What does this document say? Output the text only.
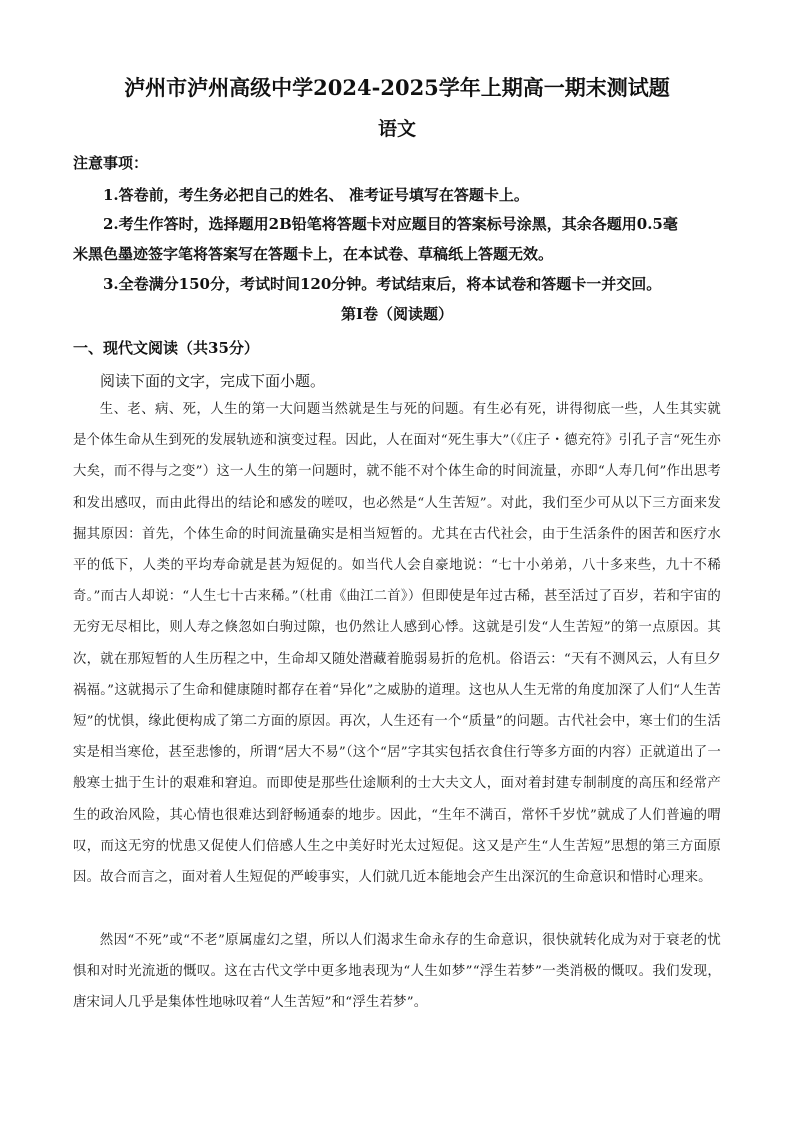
泸州市泸州高级中学2024-2025学年上期高一期末测试题
语文
注意事项：
1.答卷前，考生务必把自己的姓名、 准考证号填写在答题卡上。
2.考生作答时，选择题用2B铅笔将答题卡对应题目的答案标号涂黑，其余各题用0.5毫
米黑色墨迹签字笔将答案写在答题卡上，在本试卷、草稿纸上答题无效。
3.全卷满分150分，考试时间120分钟。考试结束后，将本试卷和答题卡一并交回。
第Ⅰ卷（阅读题）
一、现代文阅读（共35分）
阅读下面的文字，完成下面小题。

生、老、病、死，人生的第一大问题当然就是生与死的问题。有生必有死，讲得彻底一些，人生其实就是个体生命从生到死的发展轨迹和演变过程。因此，人在面对“死生事大”（《庄子・德充符》引孔子言“死生亦大矣，而不得与之变”）这一人生的第一问题时，就不能不对个体生命的时间流量，亦即“人寿几何”作出思考和发出感叹，而由此得出的结论和感发的嗟叹，也必然是“人生苦短”。对此，我们至少可从以下三方面来发掘其原因：首先，个体生命的时间流量确实是相当短暂的。尤其在古代社会，由于生活条件的困苦和医疗水平的低下，人类的平均寿命就是甚为短促的。如当代人会自豪地说：“七十小弟弟，八十多来些，九十不稀奇。”而古人却说：“人生七十古来稀。”（杜甫《曲江二首》）但即使是年过古稀，甚至活过了百岁，若和宇宙的无穷无尽相比，则人寿之倏忽如白驹过隙，也仍然让人感到心悸。这就是引发“人生苦短”的第一点原因。其次，就在那短暂的人生历程之中，生命却又随处潜藏着脆弱易折的危机。俗语云：“天有不测风云，人有旦夕祸福。”这就揭示了生命和健康随时都存在着“异化”之威胁的道理。这也从人生无常的角度加深了人们“人生苦短”的忧惧，缘此便构成了第二方面的原因。再次，人生还有一个“质量”的问题。古代社会中，寒士们的生活实是相当寒伧，甚至悲惨的，所谓“居大不易”（这个“居”字其实包括衣食住行等多方面的内容）正就道出了一般寒士拙于生计的艰难和窘迫。而即使是那些仕途顺利的士大夫文人，面对着封建专制制度的高压和经常产生的政治风险，其心情也很难达到舒畅通泰的地步。因此，“生年不满百，常怀千岁忧”就成了人们普遍的喟叹，而这无穷的忧患又促使人们倍感人生之中美好时光太过短促。这又是产生“人生苦短”思想的第三方面原因。故合而言之，面对着人生短促的严峻事实，人们就几近本能地会产生出深沉的生命意识和惜时心理来。

然因“不死”或“不老”原属虚幻之望，所以人们渴求生命永存的生命意识，很快就转化成为对于衰老的忧惧和对时光流逝的慨叹。这在古代文学中更多地表现为“人生如梦”“浮生若梦”一类消极的慨叹。我们发现，唐宋词人几乎是集体性地咏叹着“人生苦短”和“浮生若梦”。
